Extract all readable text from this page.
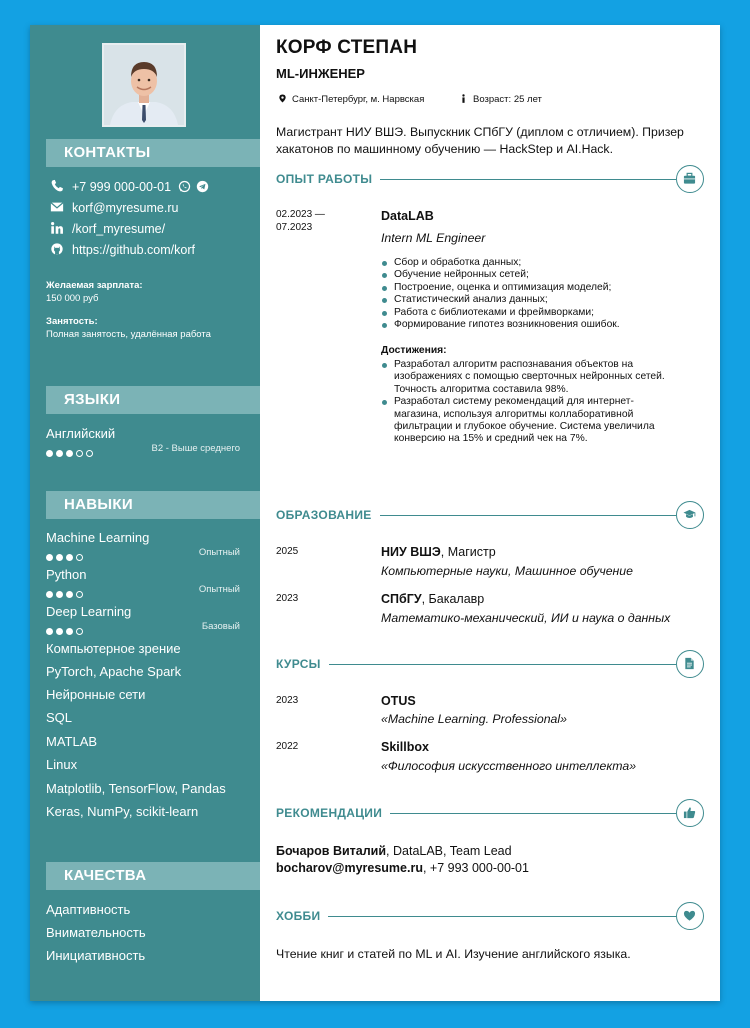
КОНТАКТЫ
+7 999 000-00-01
korf@myresume.ru
/korf_myresume/
https://github.com/korf
Желаемая зарплата:
150 000 руб
Занятость:
Полная занятость, удалённая работа
ЯЗЫКИ
Английский
B2 - Выше среднего
НАВЫКИ
Machine Learning
Опытный
Python
Опытный
Deep Learning
Базовый
Компьютерное зрение
PyTorch, Apache Spark
Нейронные сети
SQL
MATLAB
Linux
Matplotlib, TensorFlow, Pandas
Keras, NumPy, scikit-learn
КАЧЕСТВА
Адаптивность
Внимательность
Инициативность
КОРФ СТЕПАН
ML-ИНЖЕНЕР
Санкт-Петербург, м. Нарвская	Возраст: 25 лет
Магистрант НИУ ВШЭ. Выпускник СПбГУ (диплом с отличием). Призер хакатонов по машинному обучению — HackStep и AI.Hack.
ОПЫТ РАБОТЫ
02.2023 —
07.2023
DataLAB
Intern ML Engineer
Сбор и обработка данных;
Обучение нейронных сетей;
Построение, оценка и оптимизация моделей;
Статистический анализ данных;
Работа с библиотеками и фреймворками;
Формирование гипотез возникновения ошибок.
Достижения:
Разработал алгоритм распознавания объектов на изображениях с помощью сверточных нейронных сетей. Точность алгоритма составила 98%.
Разработал систему рекомендаций для интернет-магазина, используя алгоритмы коллаборативной фильтрации и глубокое обучение. Система увеличила конверсию на 15% и средний чек на 7%.
ОБРАЗОВАНИЕ
2025	НИУ ВШЭ, Магистр
Компьютерные науки, Машинное обучение
2023	СПбГУ, Бакалавр
Математико-механический, ИИ и наука о данных
КУРСЫ
2023	OTUS
«Machine Learning. Professional»
2022	Skillbox
«Философия искусственного интеллекта»
РЕКОМЕНДАЦИИ
Бочаров Виталий, DataLAB, Team Lead
bocharov@myresume.ru, +7 993 000-00-01
ХОББИ
Чтение книг и статей по ML и AI. Изучение английского языка.
